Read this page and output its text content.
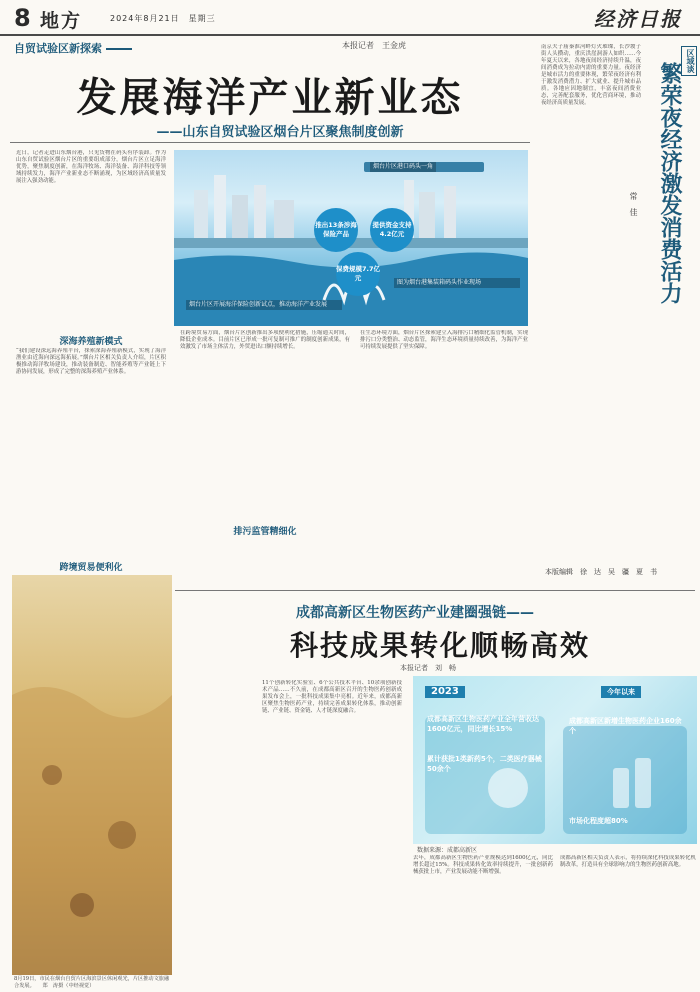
8 地方	2024年8月21日　星期三	经济日报
自贸试验区新探索	本报记者　王金虎
发展海洋产业新业态
——山东自贸试验区烟台片区聚焦制度创新
近日，记者走进山东烟台港，只见货物在码头有序装卸。作为山东自贸试验区烟台片区的重要组成部分，烟台片区立足海洋优势，聚焦制度创新，在海洋牧场、海洋装备、海洋科技等领域持续发力，海洋产业新业态不断涌现，为区域经济高质量发展注入强劲动能。
推出13条涉海保险产品
提供资金支持4.2亿元
保费规模7.7亿元
烟台片区港口码头一角
烟台片区开展海洋保险创新试点，推动海洋产业发展
图为烟台港集装箱码头作业现场
深海养殖新模式
“我们建设深远海养殖平台，探索深海养殖新模式，实现了海洋渔业由近海向深远海拓展。”烟台片区相关负责人介绍，片区积极推动海洋牧场建设，推动装备制造、智能养殖等产业链上下游协同发展，形成了完整的深海养殖产业体系。
跨境贸易便利化
在跨境贸易方面，烟台片区创新推出多项便利化措施，压缩通关时间，降低企业成本。目前片区已形成一批可复制可推广的制度创新成果，有效激发了市场主体活力，外贸进出口额持续增长。
排污监管精细化
在生态环境方面，烟台片区探索建立入海排污口精细化监管机制，实现排污口分类整治、动态监管，海洋生态环境质量持续改善，为海洋产业可持续发展提供了坚实保障。
8月19日，市民在烟台自贸片区海滨景区休闲观光，片区推动文旅融合发展。　　郑　涛摄（中经视觉）
区域谈
繁荣夜经济激发消费活力
常　佳
南京夫子庙秦淮河畔灯火璀璨，长沙坡子街人头攒动，重庆洪崖洞游人如织……今年夏天以来，各地夜间经济持续升温，夜间消费成为拉动内需的重要力量。夜经济是城市活力的重要体现，繁荣夜经济有利于激发消费潜力、扩大就业、提升城市品质。各地应因地制宜，丰富夜间消费业态，完善配套服务，优化营商环境，推动夜经济高质量发展。
本版编辑　徐　达　吴　疆　夏　书
成都高新区生物医药产业建圈强链——
科技成果转化顺畅高效
本报记者　刘　畅
11个创新转化实验室、6个公共技术平台、10余项创新技术产品……不久前，在成都高新区召开的生物医药创新成果发布会上，一批科技成果集中亮相。近年来，成都高新区聚焦生物医药产业，持续完善成果转化体系，推动创新链、产业链、资金链、人才链深度融合。
去年，成都高新区生物医药产业规模达到1600亿元，同比增长超过15%。科技成果转化效率持续提升，一批创新药械获批上市，产业发展动能不断增强。
成都高新区相关负责人表示，将持续深化科技成果转化机制改革，打造具有全球影响力的生物医药创新高地。
2023
成都高新区生物医药产业全年营收达1600亿元，同比增长15%
累计获批1类新药5个，二类医疗器械50余个
今年以来
成都高新区新增生物医药企业160余个
市场化程度超80%
数据来源：成都高新区
